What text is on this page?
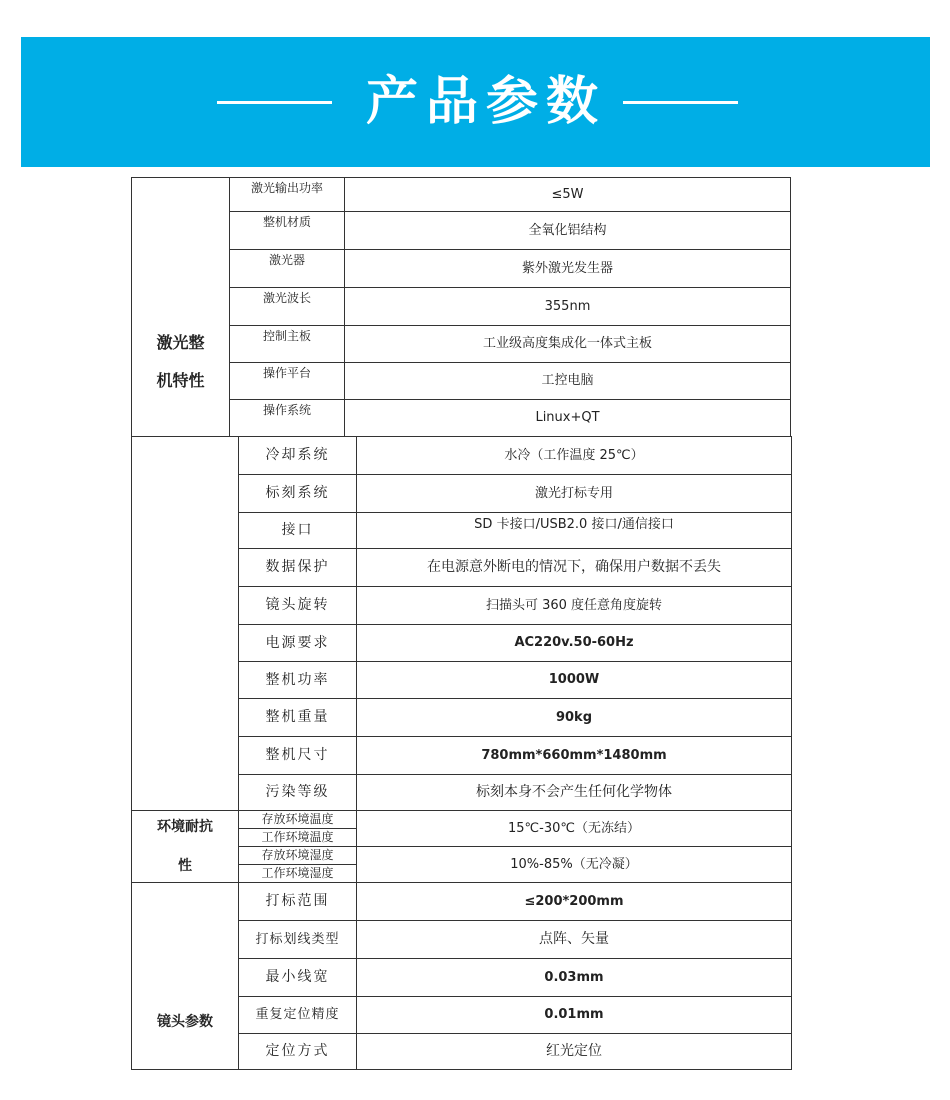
产品参数
激光整
机特性	激光输出功率	≤5W
	整机材质	全氧化铝结构
	激光器	紫外激光发生器
	激光波长	355nm
	控制主板	工业级高度集成化一体式主板
	操作平台	工控电脑
	操作系统	Linux+QT
	冷却系统	水冷（工作温度 25℃）
	标刻系统	激光打标专用
	接口	SD 卡接口/USB2.0 接口/通信接口
	数据保护	在电源意外断电的情况下，确保用户数据不丢失
	镜头旋转	扫描头可 360 度任意角度旋转
	电源要求	AC220v.50-60Hz
	整机功率	1000W
	整机重量	90kg
	整机尺寸	780mm*660mm*1480mm
	污染等级	标刻本身不会产生任何化学物体

环境耐抗
性	存放环境温度	15℃-30℃（无冻结）
	工作环境温度	
	存放环境湿度	10%-85%（无冷凝）
	工作环境湿度	
镜头参数	打标范围	≤200*200mm
	打标划线类型	点阵、矢量
	最小线宽	0.03mm
	重复定位精度	0.01mm
	定位方式	红光定位
